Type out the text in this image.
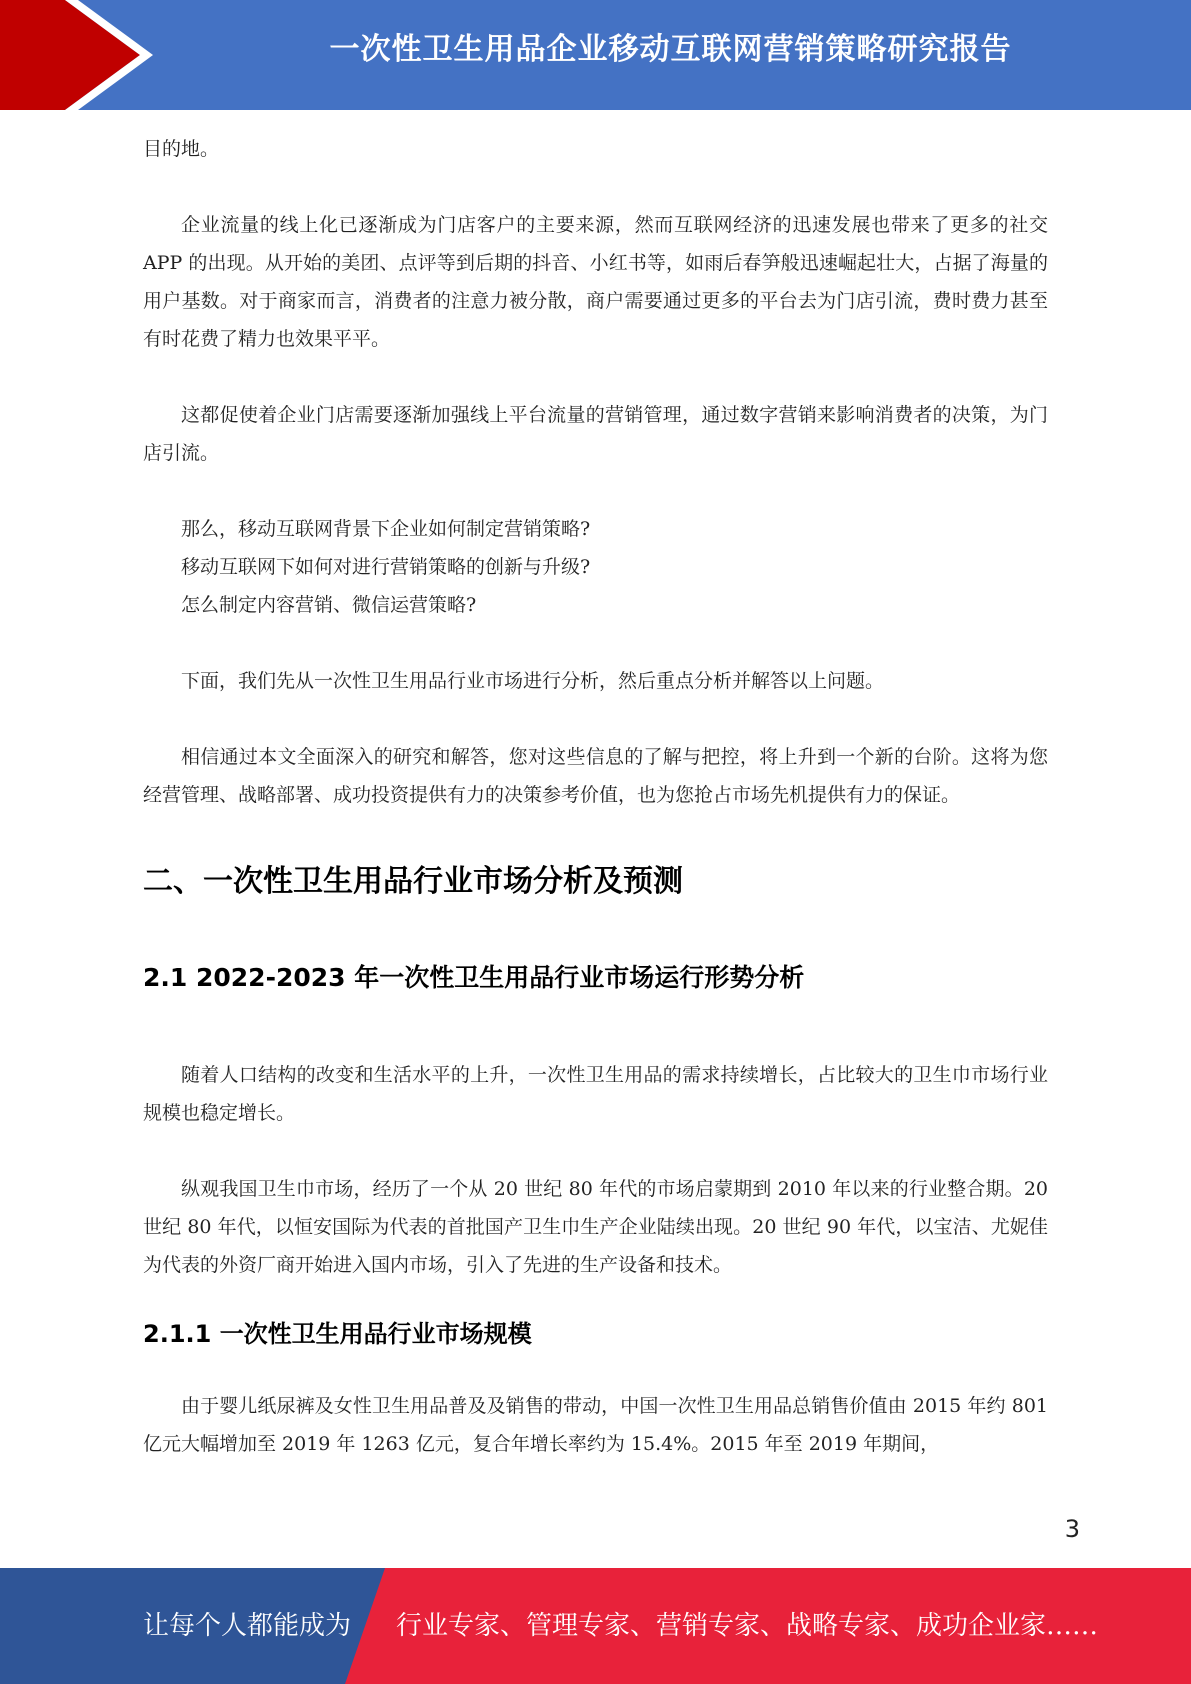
一次性卫生用品企业移动互联网营销策略研究报告

目的地。

企业流量的线上化已逐渐成为门店客户的主要来源，然而互联网经济的迅速发展也带来了更多的社交 APP 的出现。从开始的美团、点评等到后期的抖音、小红书等，如雨后春笋般迅速崛起壮大，占据了海量的用户基数。对于商家而言，消费者的注意力被分散，商户需要通过更多的平台去为门店引流，费时费力甚至有时花费了精力也效果平平。

这都促使着企业门店需要逐渐加强线上平台流量的营销管理，通过数字营销来影响消费者的决策，为门店引流。

那么，移动互联网背景下企业如何制定营销策略?
移动互联网下如何对进行营销策略的创新与升级?
怎么制定内容营销、微信运营策略?

下面，我们先从一次性卫生用品行业市场进行分析，然后重点分析并解答以上问题。

相信通过本文全面深入的研究和解答，您对这些信息的了解与把控，将上升到一个新的台阶。这将为您经营管理、战略部署、成功投资提供有力的决策参考价值，也为您抢占市场先机提供有力的保证。

二、一次性卫生用品行业市场分析及预测
2.1 2022-2023 年一次性卫生用品行业市场运行形势分析

随着人口结构的改变和生活水平的上升，一次性卫生用品的需求持续增长，占比较大的卫生巾市场行业规模也稳定增长。

纵观我国卫生巾市场，经历了一个从 20 世纪 80 年代的市场启蒙期到 2010 年以来的行业整合期。20 世纪 80 年代，以恒安国际为代表的首批国产卫生巾生产企业陆续出现。20 世纪 90 年代，以宝洁、尤妮佳为代表的外资厂商开始进入国内市场，引入了先进的生产设备和技术。

2.1.1 一次性卫生用品行业市场规模

由于婴儿纸尿裤及女性卫生用品普及及销售的带动，中国一次性卫生用品总销售价值由 2015 年约 801 亿元大幅增加至 2019 年 1263 亿元，复合年增长率约为 15.4%。2015 年至 2019 年期间，

3
让每个人都能成为 行业专家、管理专家、营销专家、战略专家、成功企业家……
